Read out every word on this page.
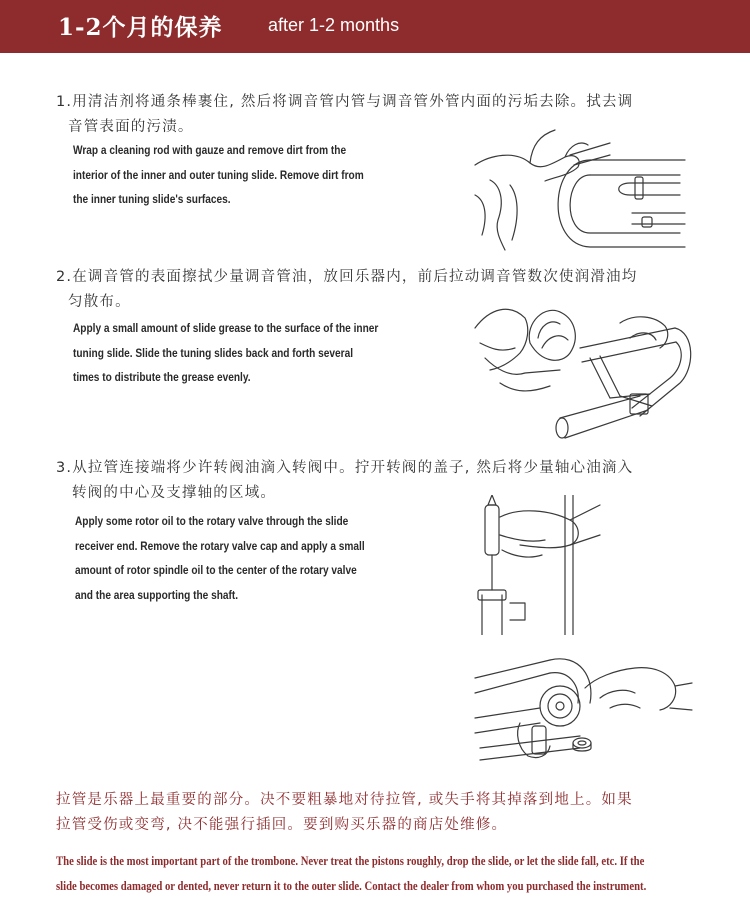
1-2个月的保养	after 1-2 months
1.用清洁剂将通条棒裹住, 然后将调音管内管与调音管外管内面的污垢去除。拭去调
音管表面的污渍。
Wrap a cleaning rod with gauze and remove dirt from the
interior of the inner and outer tuning slide. Remove dirt from
the inner tuning slide's surfaces.
2.在调音管的表面擦拭少量调音管油，放回乐器内，前后拉动调音管数次使润滑油均
匀散布。
Apply a small amount of slide grease to the surface of the inner
tuning slide. Slide the tuning slides back and forth several
times to distribute the grease evenly.
3.从拉管连接端将少许转阀油滴入转阀中。拧开转阀的盖子, 然后将少量轴心油滴入
转阀的中心及支撑轴的区域。
Apply some rotor oil to the rotary valve through the slide
receiver end. Remove the rotary valve cap and apply a small
amount of rotor spindle oil to the center of the rotary valve
and the area supporting the shaft.
拉管是乐器上最重要的部分。决不要粗暴地对待拉管, 或失手将其掉落到地上。如果
拉管受伤或变弯, 决不能强行插回。要到购买乐器的商店处维修。
The slide is the most important part of the trombone. Never treat the pistons roughly, drop the slide, or let the slide fall, etc. If the
slide becomes damaged or dented, never return it to the outer slide. Contact the dealer from whom you purchased the instrument.
